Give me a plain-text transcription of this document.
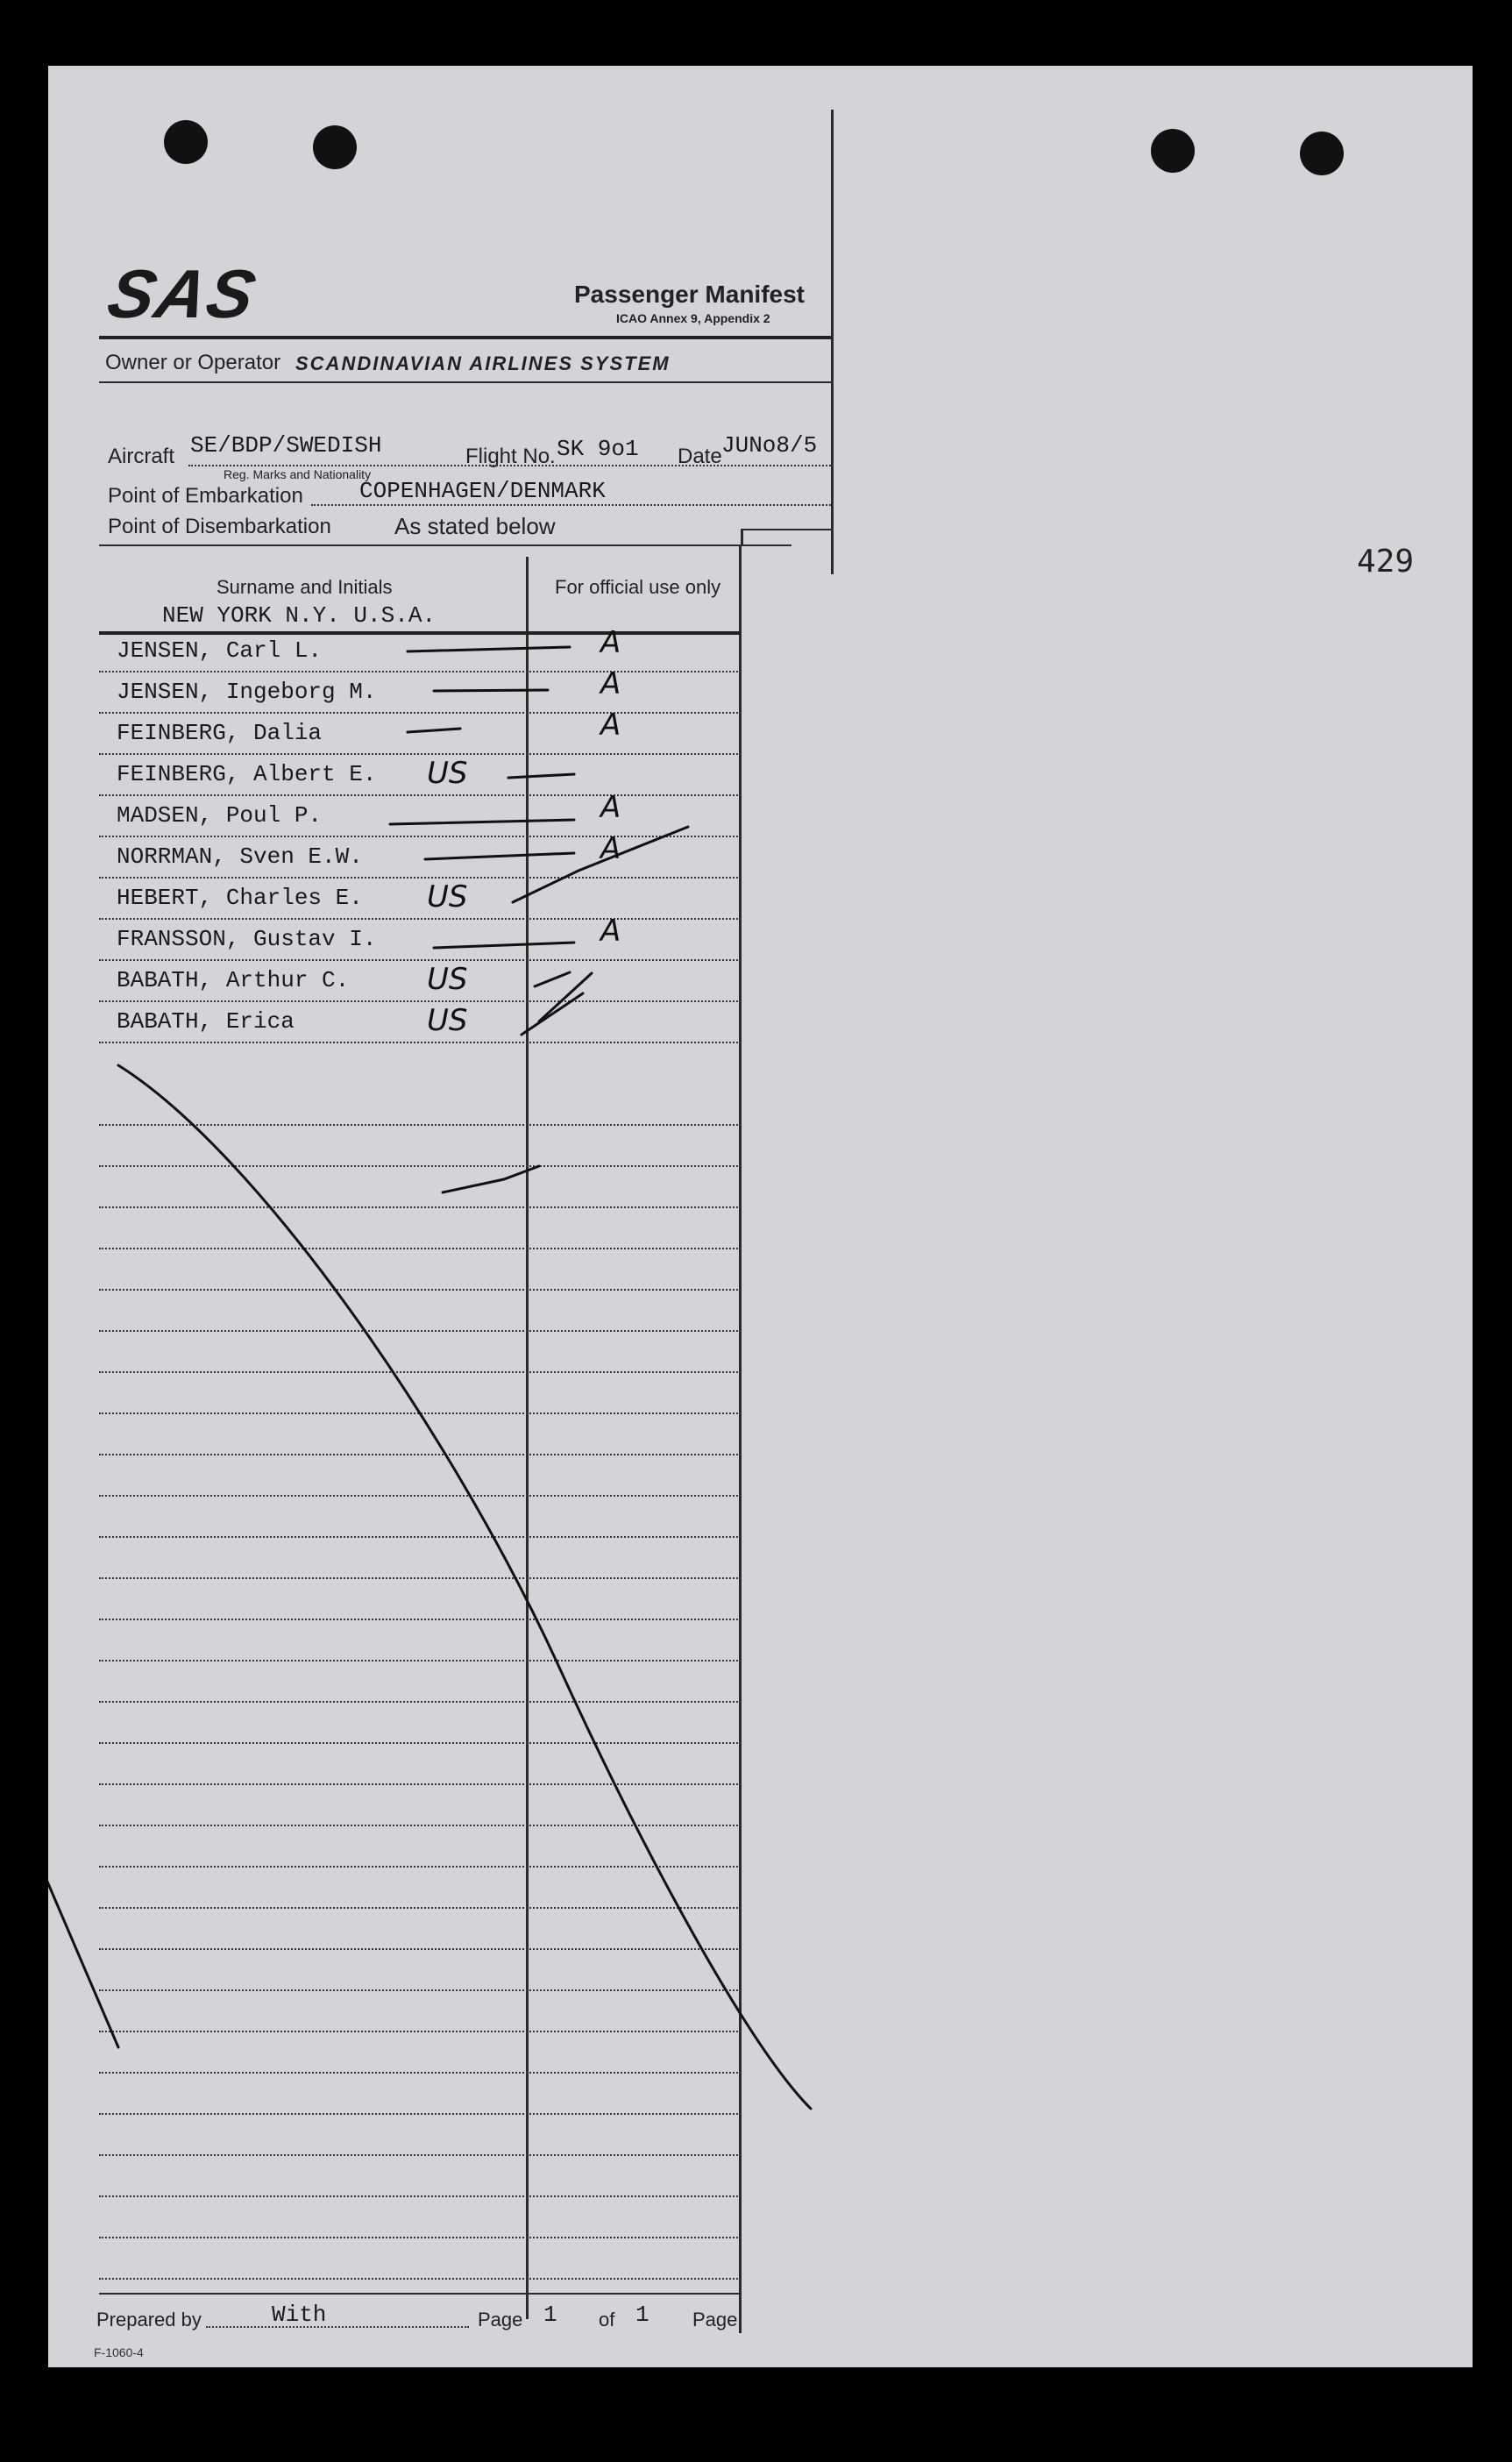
SAS	Passenger Manifest
ICAO Annex 9, Appendix 2
Owner or Operator SCANDINAVIAN AIRLINES SYSTEM
Aircraft SE/BDP/SWEDISH
Reg. Marks and Nationality
Flight No. SK 9o1 Date JUNo8/5
Point of Embarkation COPENHAGEN/DENMARK
Point of Disembarkation	As stated below
429
Surname and Initials	For official use only
NEW YORK N.Y. U.S.A.
JENSEN, Carl L.	A
JENSEN, Ingeborg M.	A
FEINBERG, Dalia	A
FEINBERG, Albert E. US
MADSEN, Poul P.	A
NORRMAN, Sven E.W.	A
HEBERT, Charles E. US
FRANSSON, Gustav I.	A
BABATH, Arthur C.	US
BABATH, Erica	US
Prepared by	With	Page 1 of 1 Page
F-1060-4
